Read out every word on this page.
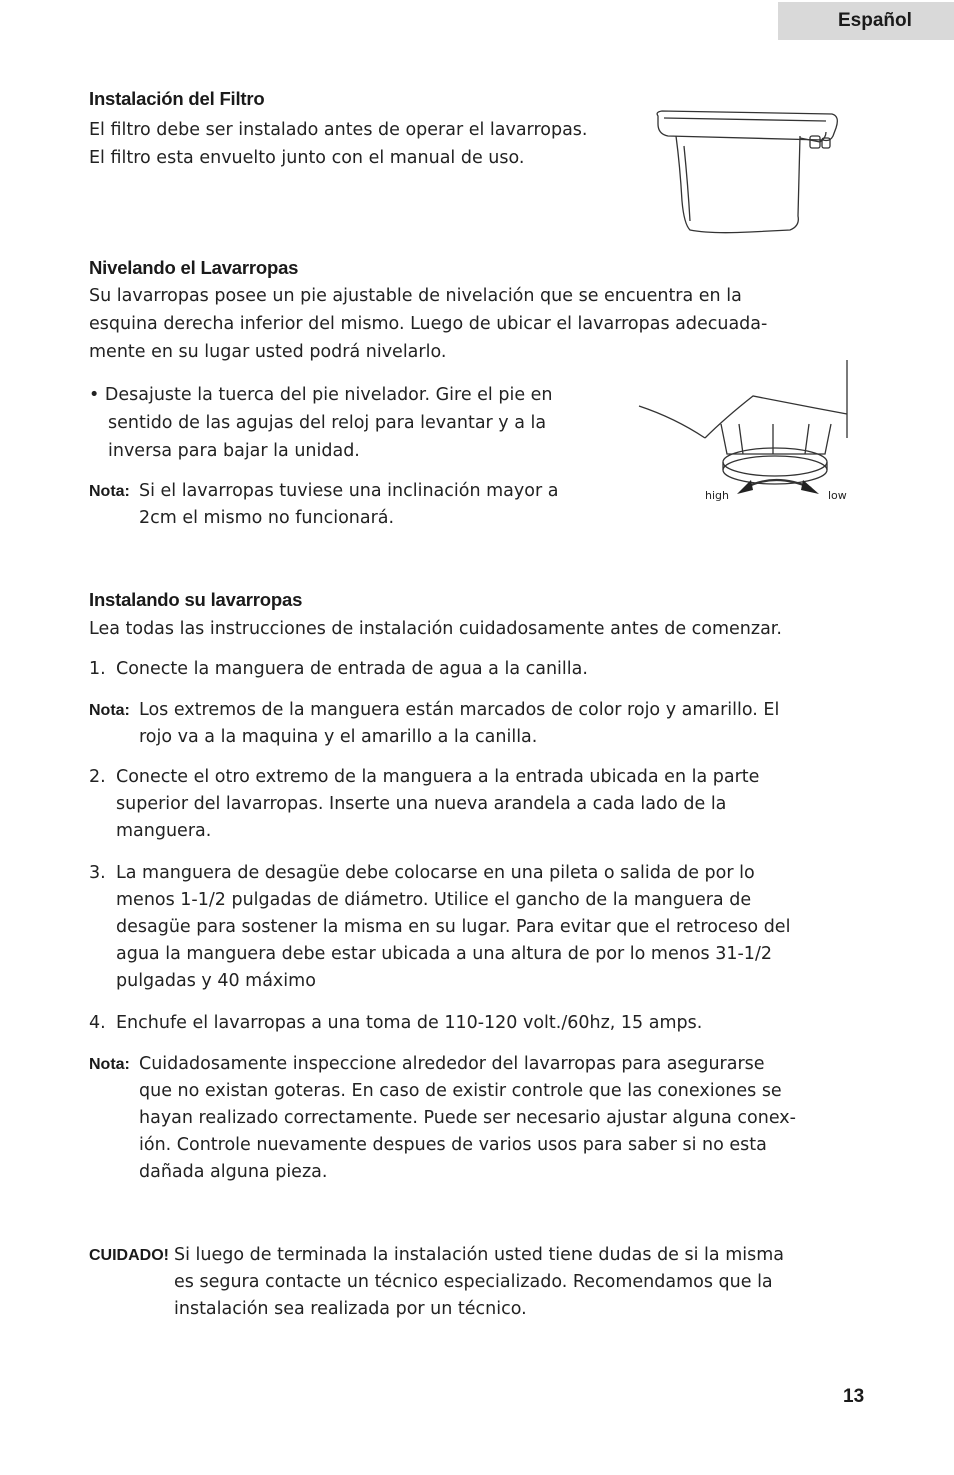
Español
Instalación del Filtro

El filtro debe ser instalado antes de operar el lavarropas.

El filtro esta envuelto junto con el manual de uso.

Nivelando el Lavarropas

Su lavarropas posee un pie ajustable de nivelación que se encuentra en la

esquina derecha inferior del mismo. Luego de ubicar el lavarropas adecuada-

mente en su lugar usted podrá nivelarlo.

• Desajuste la tuerca del pie nivelador. Gire el pie en

sentido de las agujas del reloj para levantar y a la

inversa para bajar la unidad.

Nota: Si el lavarropas tuviese una inclinación mayor a
2cm el mismo no funcionará.
high	low
Instalando su lavarropas
Lea todas las instrucciones de instalación cuidadosamente antes de comenzar.
1. Conecte la manguera de entrada de agua a la canilla.
Nota: Los extremos de la manguera están marcados de color rojo y amarillo. El
rojo va a la maquina y el amarillo a la canilla.
2. Conecte el otro extremo de la manguera a la entrada ubicada en la parte
superior del lavarropas. Inserte una nueva arandela a cada lado de la
manguera.
3. La manguera de desagüe debe colocarse en una pileta o salida de por lo
menos 1-1/2 pulgadas de diámetro. Utilice el gancho de la manguera de
desagüe para sostener la misma en su lugar. Para evitar que el retroceso del
agua la manguera debe estar ubicada a una altura de por lo menos 31-1/2
pulgadas y 40 máximo
4. Enchufe el lavarropas a una toma de 110-120 volt./60hz, 15 amps.
Nota: Cuidadosamente inspeccione alrededor del lavarropas para asegurarse
que no existan goteras. En caso de existir controle que las conexiones se
hayan realizado correctamente. Puede ser necesario ajustar alguna conex-
ión. Controle nuevamente despues de varios usos para saber si no esta
dañada alguna pieza.
CUIDADO! Si luego de terminada la instalación usted tiene dudas de si la misma
es segura contacte un técnico especializado. Recomendamos que la
instalación sea realizada por un técnico.
13
